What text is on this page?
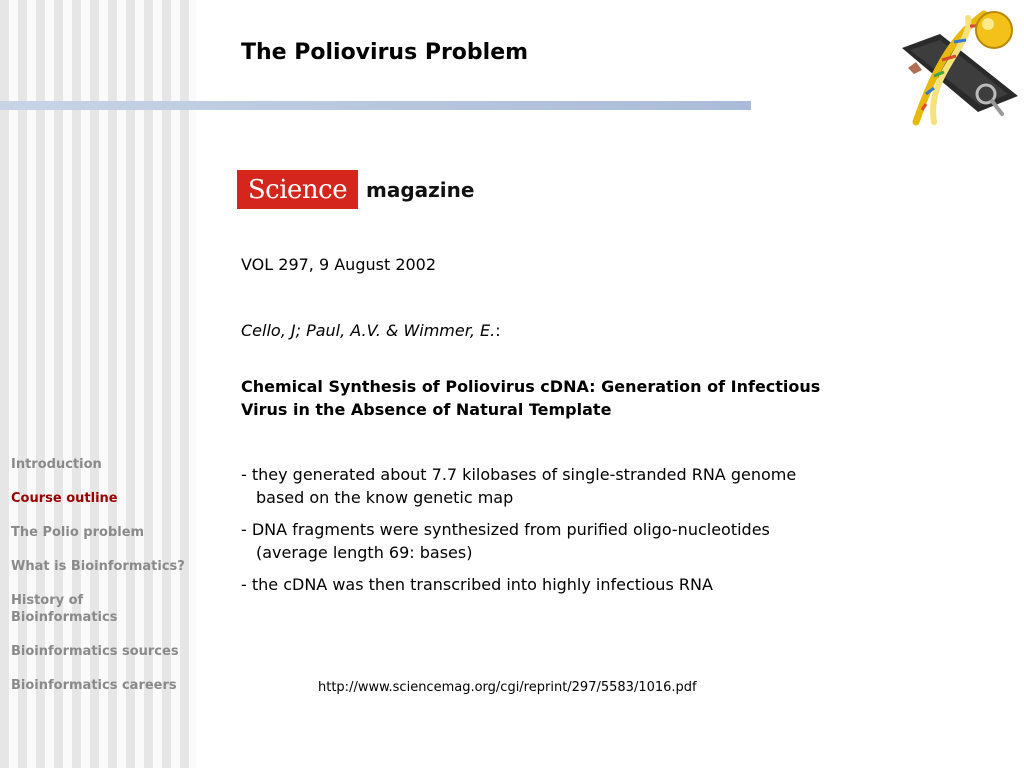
The Poliovirus Problem
Science magazine
VOL 297, 9 August 2002
Cello, J; Paul, A.V. & Wimmer, E.:
Chemical Synthesis of Poliovirus cDNA: Generation of Infectious Virus in the Absence of Natural Template
- they generated about 7.7 kilobases of single-stranded RNA genome based on the know genetic map
- DNA fragments were synthesized from purified oligo-nucleotides (average length 69: bases)
- the cDNA was then transcribed into highly infectious RNA
http://www.sciencemag.org/cgi/reprint/297/5583/1016.pdf
Introduction
Course outline
The Polio problem
What is Bioinformatics?
History of Bioinformatics
Bioinformatics sources
Bioinformatics careers
